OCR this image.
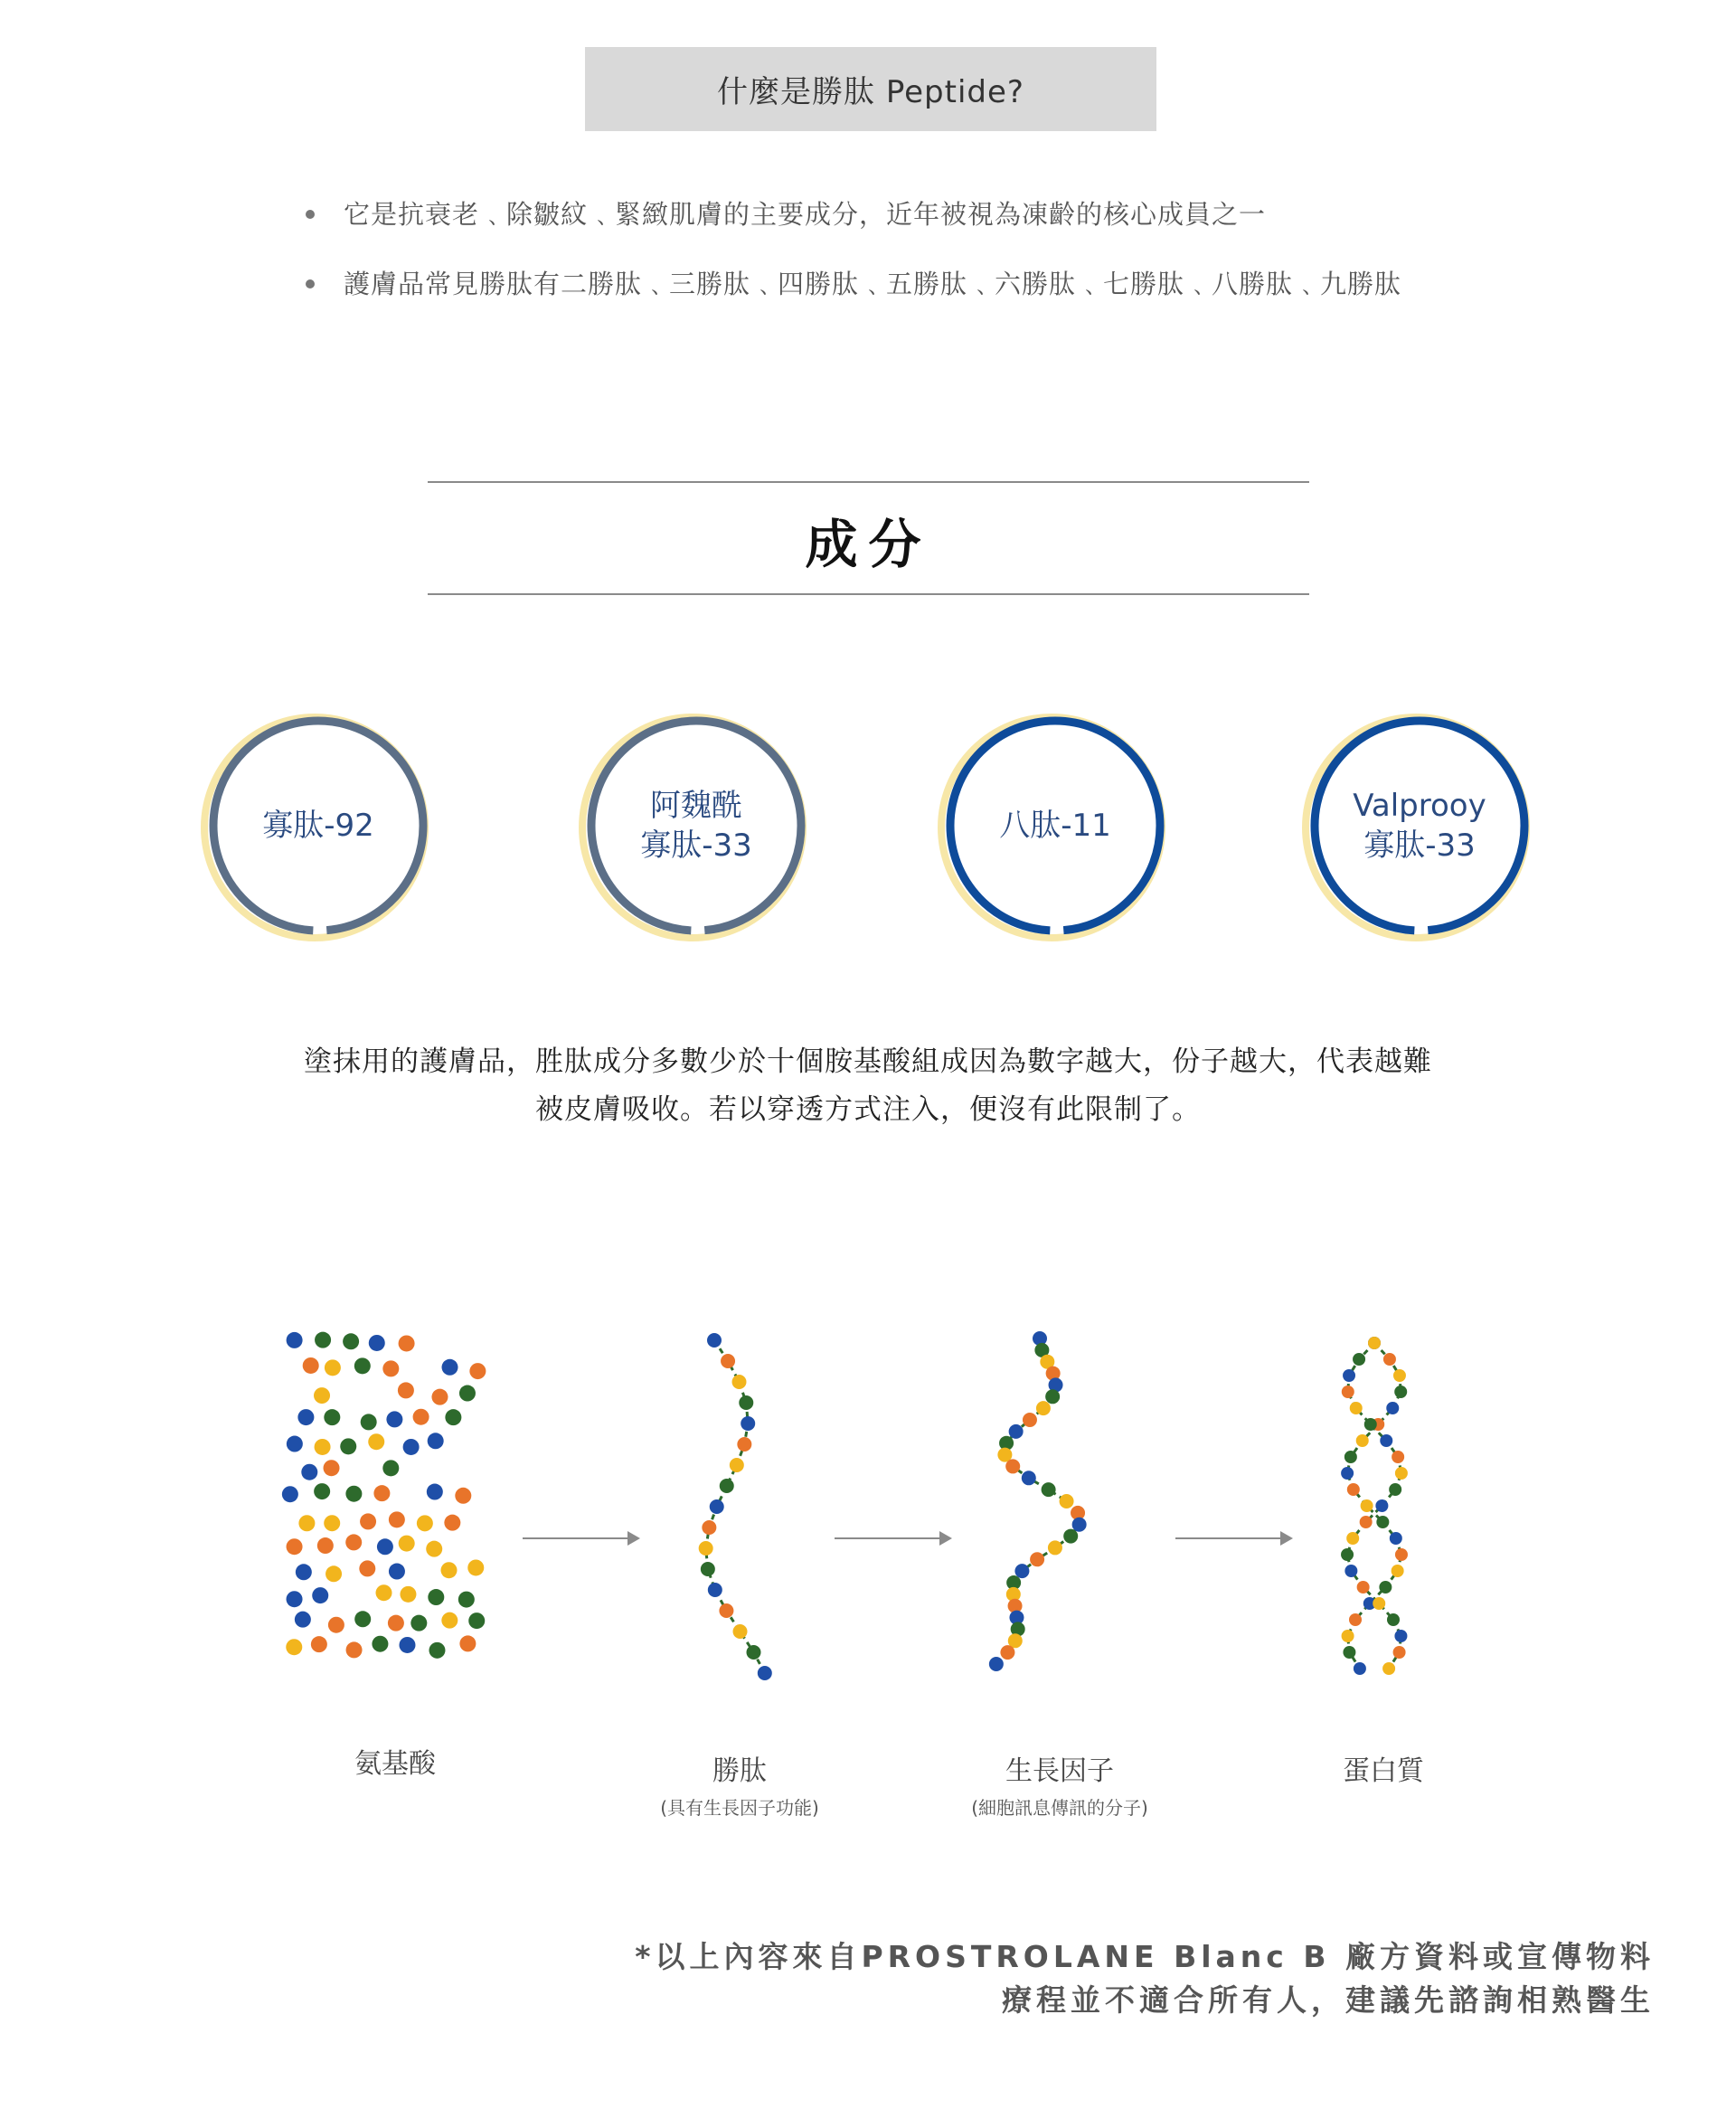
什麼是勝肽 Peptide?
它是抗衰老﹑除皺紋﹑緊緻肌膚的主要成分，近年被視為凍齡的核心成員之一
護膚品常見勝肽有二勝肽﹑三勝肽﹑四勝肽﹑五勝肽﹑六勝肽﹑七勝肽﹑八勝肽﹑九勝肽
成分
寡肽-92
阿魏酰
寡肽-33
八肽-11
Valprooy
寡肽-33
塗抹用的護膚品，胜肽成分多數少於十個胺基酸組成因為數字越大，份子越大，代表越難
被皮膚吸收。若以穿透方式注入，便沒有此限制了。
氨基酸	勝肽
(具有生長因子功能)
生長因子
(細胞訊息傳訊的分子)
蛋白質
*以上內容來自PROSTROLANE Blanc B 廠方資料或宣傳物料
療程並不適合所有人，建議先諮詢相熟醫生
